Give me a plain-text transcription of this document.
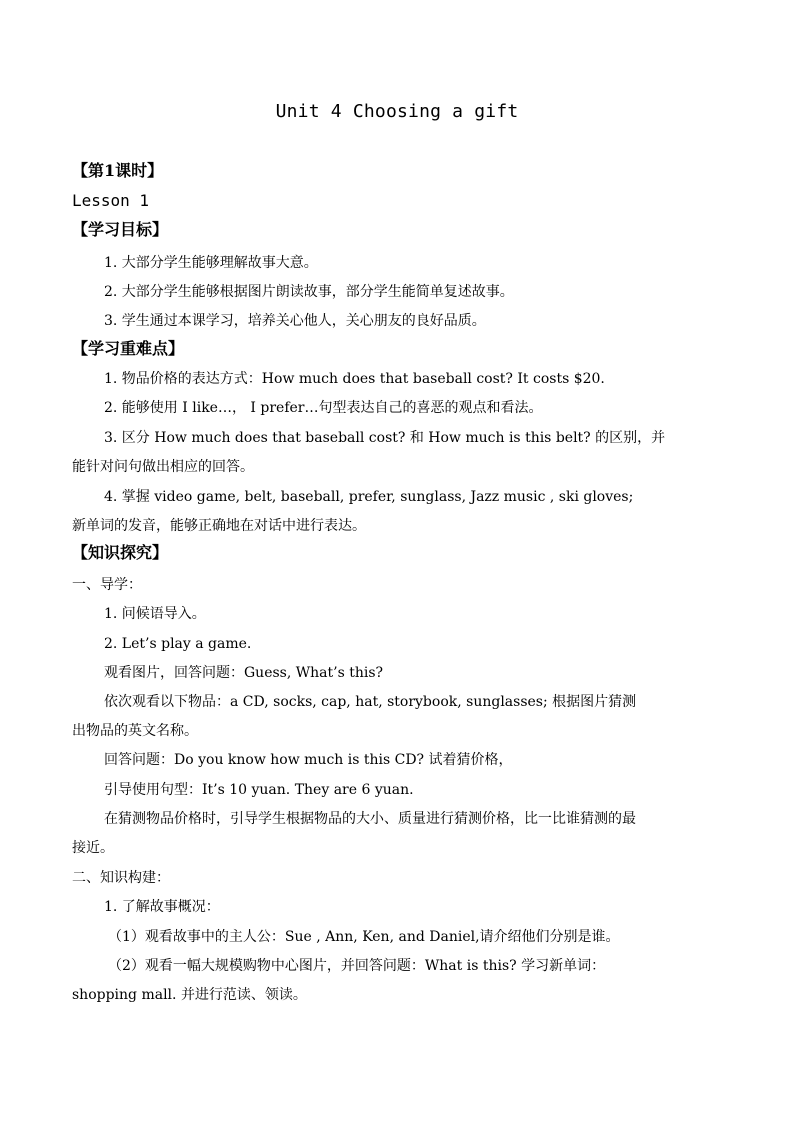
Unit 4 Choosing a gift
【第1课时】
Lesson 1
【学习目标】
1. 大部分学生能够理解故事大意。
2. 大部分学生能够根据图片朗读故事，部分学生能简单复述故事。
3. 学生通过本课学习，培养关心他人，关心朋友的良好品质。
【学习重难点】
1. 物品价格的表达方式：How much does that baseball cost? It costs $20.
2. 能够使用 I like…， I prefer…句型表达自己的喜恶的观点和看法。
3. 区分 How much does that baseball cost? 和 How much is this belt? 的区别，并
能针对问句做出相应的回答。
4. 掌握 video game, belt, baseball, prefer, sunglass, Jazz music , ski gloves;
新单词的发音，能够正确地在对话中进行表达。
【知识探究】
一、导学：
1. 问候语导入。
2. Let’s play a game.
观看图片，回答问题：Guess, What’s this?
依次观看以下物品：a CD, socks, cap, hat, storybook, sunglasses; 根据图片猜测
出物品的英文名称。
回答问题：Do you know how much is this CD? 试着猜价格，
引导使用句型：It’s 10 yuan. They are 6 yuan.
在猜测物品价格时，引导学生根据物品的大小、质量进行猜测价格，比一比谁猜测的最
接近。
二、知识构建：
1. 了解故事概况：
（1）观看故事中的主人公：Sue , Ann, Ken, and Daniel,请介绍他们分别是谁。
（2）观看一幅大规模购物中心图片，并回答问题：What is this? 学习新单词：
shopping mall. 并进行范读、领读。
